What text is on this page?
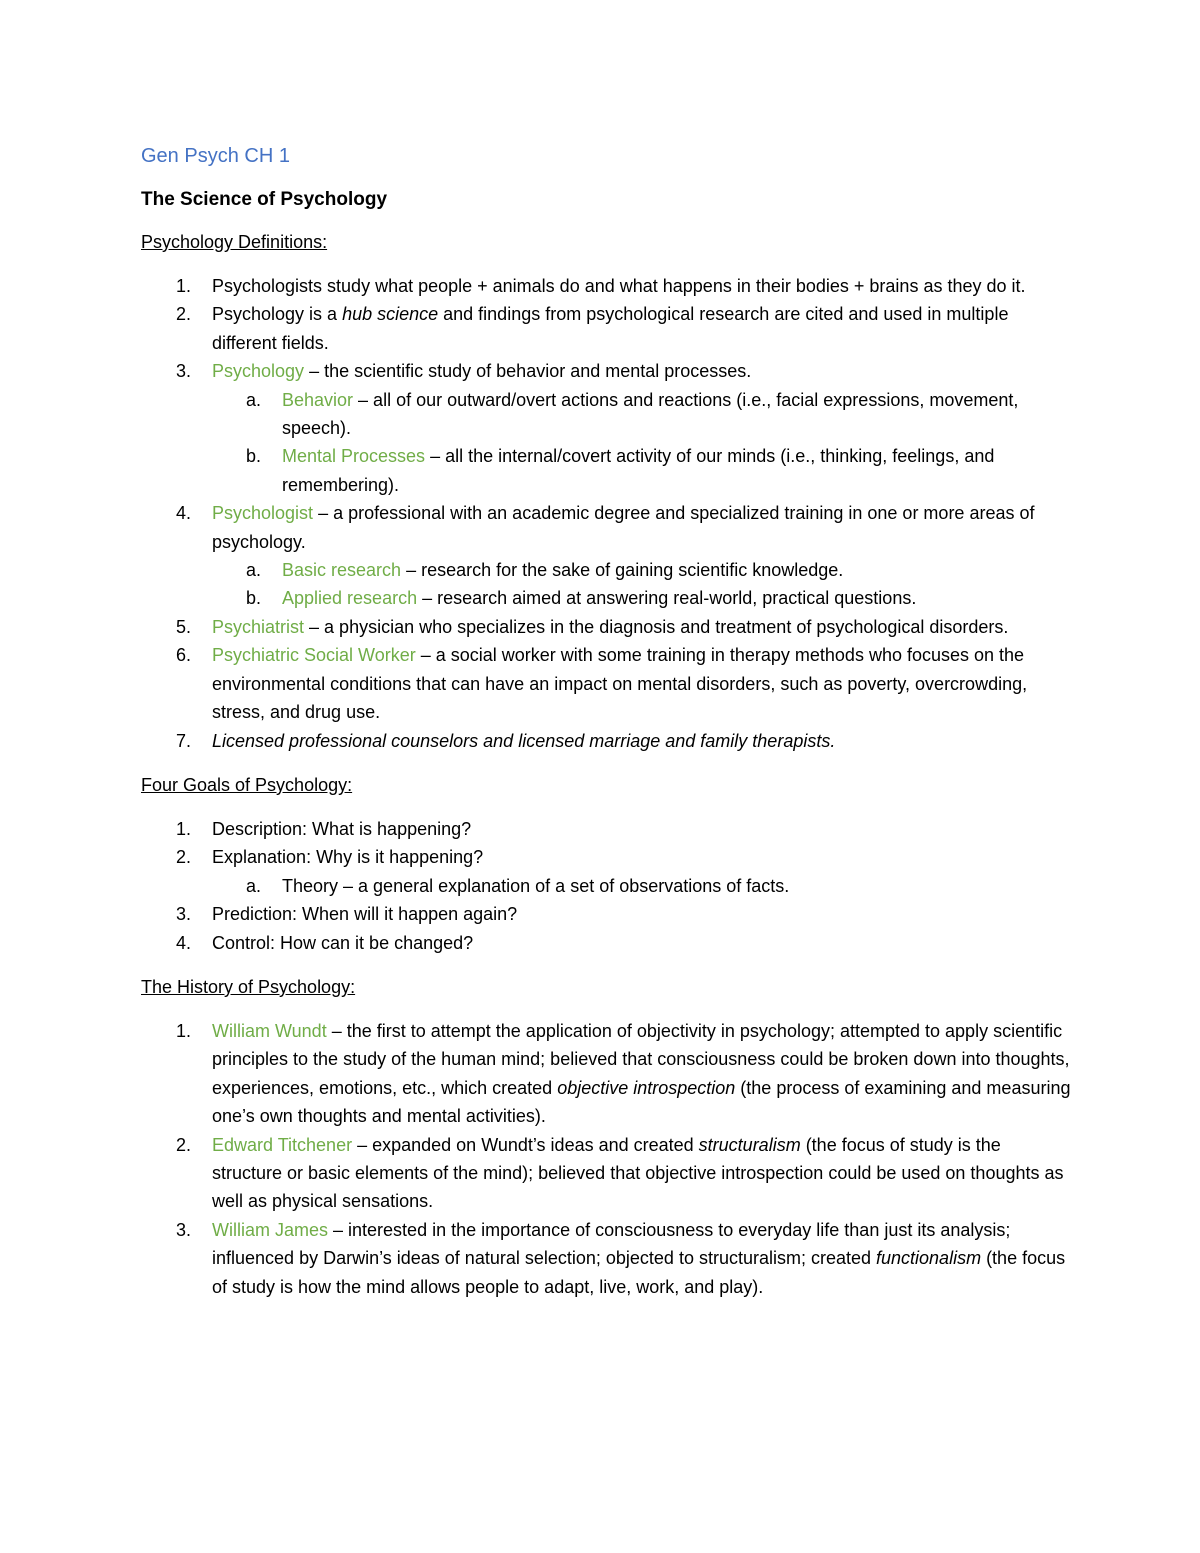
Gen Psych CH 1
The Science of Psychology
Psychology Definitions:
1. Psychologists study what people + animals do and what happens in their bodies + brains as they do it.
2. Psychology is a hub science and findings from psychological research are cited and used in multiple different fields.
3. Psychology – the scientific study of behavior and mental processes.
a. Behavior – all of our outward/overt actions and reactions (i.e., facial expressions, movement, speech).
b. Mental Processes – all the internal/covert activity of our minds (i.e., thinking, feelings, and remembering).
4. Psychologist – a professional with an academic degree and specialized training in one or more areas of psychology.
a. Basic research – research for the sake of gaining scientific knowledge.
b. Applied research – research aimed at answering real-world, practical questions.
5. Psychiatrist – a physician who specializes in the diagnosis and treatment of psychological disorders.
6. Psychiatric Social Worker – a social worker with some training in therapy methods who focuses on the environmental conditions that can have an impact on mental disorders, such as poverty, overcrowding, stress, and drug use.
7. Licensed professional counselors and licensed marriage and family therapists.
Four Goals of Psychology:
1. Description: What is happening?
2. Explanation: Why is it happening?
a. Theory – a general explanation of a set of observations of facts.
3. Prediction: When will it happen again?
4. Control: How can it be changed?
The History of Psychology:
1. William Wundt – the first to attempt the application of objectivity in psychology; attempted to apply scientific principles to the study of the human mind; believed that consciousness could be broken down into thoughts, experiences, emotions, etc., which created objective introspection (the process of examining and measuring one’s own thoughts and mental activities).
2. Edward Titchener – expanded on Wundt’s ideas and created structuralism (the focus of study is the structure or basic elements of the mind); believed that objective introspection could be used on thoughts as well as physical sensations.
3. William James – interested in the importance of consciousness to everyday life than just its analysis; influenced by Darwin’s ideas of natural selection; objected to structuralism; created functionalism (the focus of study is how the mind allows people to adapt, live, work, and play).
